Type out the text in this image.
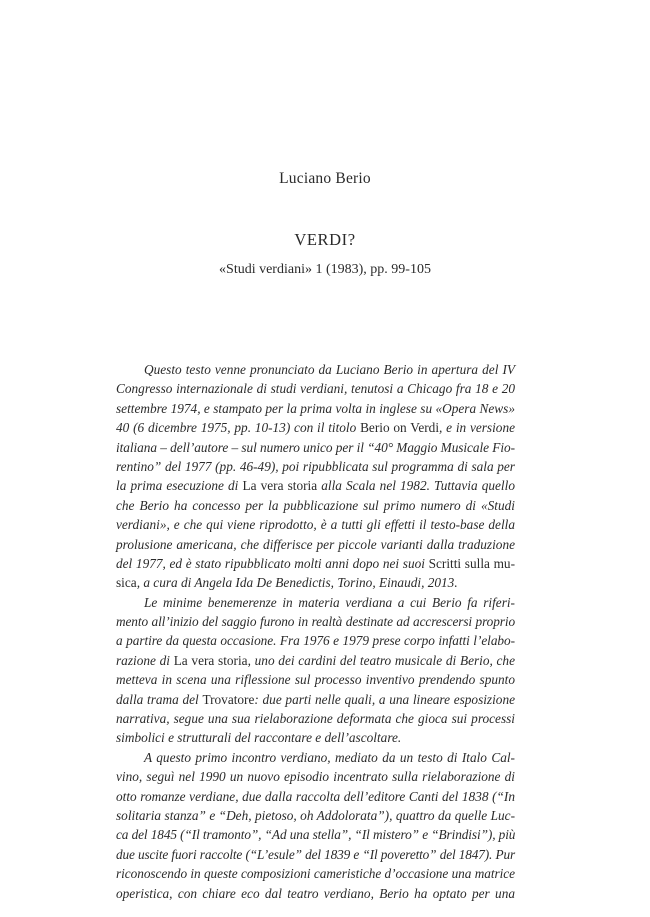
Luciano Berio
VERDI?
«Studi verdiani» 1 (1983), pp. 99-105
Questo testo venne pronunciato da Luciano Berio in apertura del IV
Congresso internazionale di studi verdiani, tenutosi a Chicago fra 18 e 20
settembre 1974, e stampato per la prima volta in inglese su «Opera News»
40 (6 dicembre 1975, pp. 10-13) con il titolo Berio on Verdi, e in versione
italiana – dell’autore – sul numero unico per il “40° Maggio Musicale Fio-
rentino” del 1977 (pp. 46-49), poi ripubblicata sul programma di sala per
la prima esecuzione di La vera storia alla Scala nel 1982. Tuttavia quello
che Berio ha concesso per la pubblicazione sul primo numero di «Studi
verdiani», e che qui viene riprodotto, è a tutti gli effetti il testo-base della
prolusione americana, che differisce per piccole varianti dalla traduzione
del 1977, ed è stato ripubblicato molti anni dopo nei suoi Scritti sulla mu-
sica, a cura di Angela Ida De Benedictis, Torino, Einaudi, 2013.
Le minime benemerenze in materia verdiana a cui Berio fa riferi-
mento all’inizio del saggio furono in realtà destinate ad accrescersi proprio
a partire da questa occasione. Fra 1976 e 1979 prese corpo infatti l’elabo-
razione di La vera storia, uno dei cardini del teatro musicale di Berio, che
metteva in scena una riflessione sul processo inventivo prendendo spunto
dalla trama del Trovatore: due parti nelle quali, a una lineare esposizione
narrativa, segue una sua rielaborazione deformata che gioca sui processi
simbolici e strutturali del raccontare e dell’ascoltare.
A questo primo incontro verdiano, mediato da un testo di Italo Cal-
vino, seguì nel 1990 un nuovo episodio incentrato sulla rielaborazione di
otto romanze verdiane, due dalla raccolta dell’editore Canti del 1838 (“In
solitaria stanza” e “Deh, pietoso, oh Addolorata”), quattro da quelle Luc-
ca del 1845 (“Il tramonto”, “Ad una stella”, “Il mistero” e “Brindisi”), più
due uscite fuori raccolte (“L’esule” del 1839 e “Il poveretto” del 1847). Pur
riconoscendo in queste composizioni cameristiche d’occasione una matrice
operistica, con chiare eco dal teatro verdiano, Berio ha optato per una
